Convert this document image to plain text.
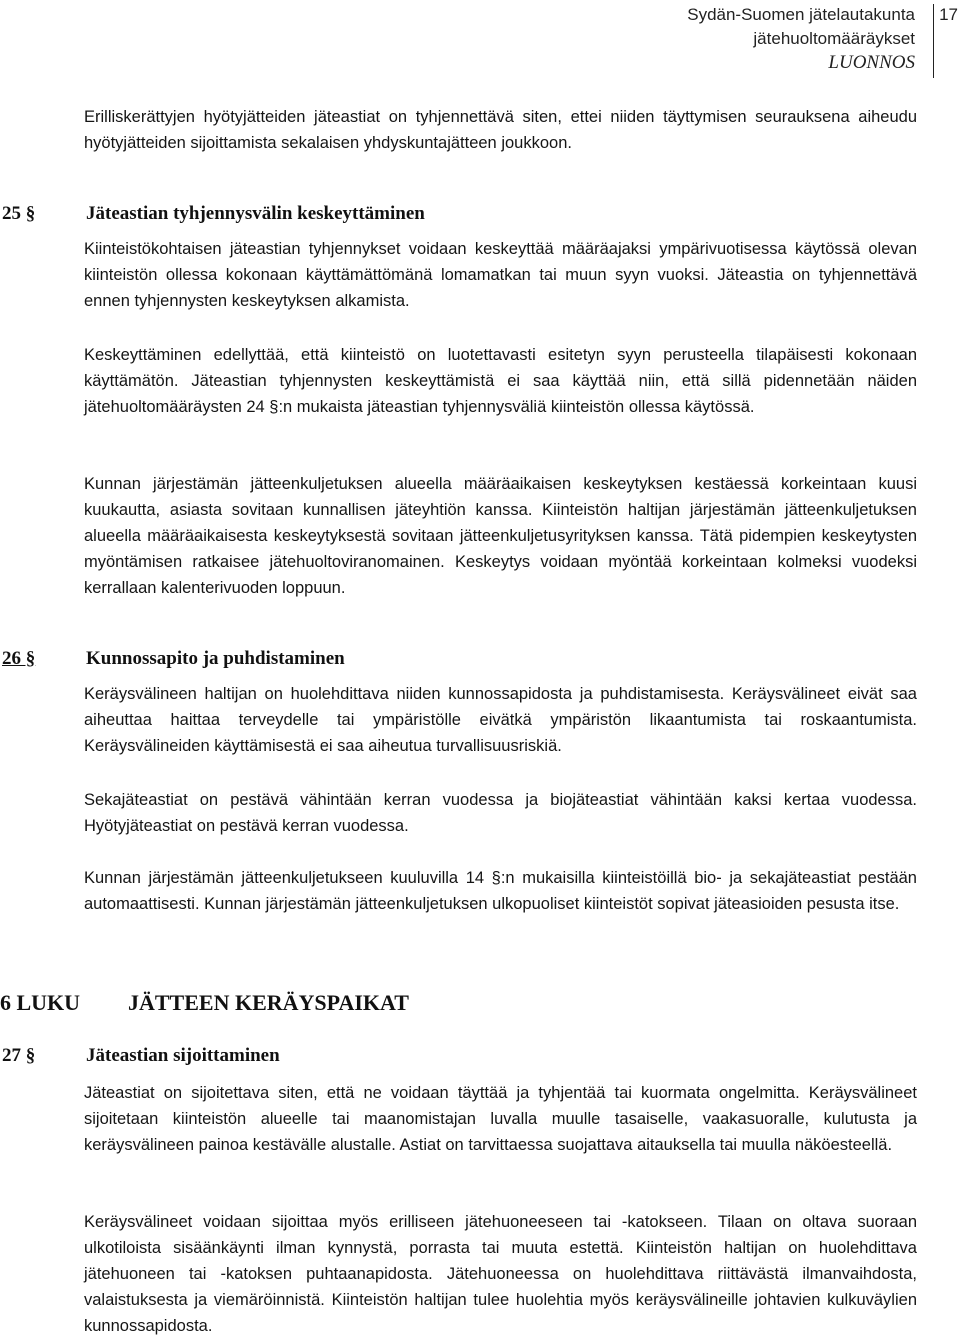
Sydän-Suomen jätelautakunta
jätehuoltomääräykset
LUONNOS
17

Erilliskerättyjen hyötyjätteiden jäteastiat on tyhjennettävä siten, ettei niiden täyttymisen seurauksena aiheudu hyötyjätteiden sijoittamista sekalaisen yhdyskuntajätteen joukkoon.

25 §	Jäteastian tyhjennysvälin keskeyttäminen

Kiinteistökohtaisen jäteastian tyhjennykset voidaan keskeyttää määräajaksi ympärivuotisessa käytössä olevan kiinteistön ollessa kokonaan käyttämättömänä lomamatkan tai muun syyn vuoksi. Jäteastia on tyhjennettävä ennen tyhjennysten keskeytyksen alkamista.

Keskeyttäminen edellyttää, että kiinteistö on luotettavasti esitetyn syyn perusteella tilapäisesti kokonaan käyttämätön. Jäteastian tyhjennysten keskeyttämistä ei saa käyttää niin, että sillä pidennetään näiden jätehuoltomääräysten 24 §:n mukaista jäteastian tyhjennysväliä kiinteistön ollessa käytössä.

Kunnan järjestämän jätteenkuljetuksen alueella määräaikaisen keskeytyksen kestäessä korkeintaan kuusi kuukautta, asiasta sovitaan kunnallisen jäteyhtiön kanssa. Kiinteistön haltijan järjestämän jätteenkuljetuksen alueella määräaikaisesta keskeytyksestä sovitaan jätteenkuljetusyrityksen kanssa. Tätä pidempien keskeytysten myöntämisen ratkaisee jätehuoltoviranomainen. Keskeytys voidaan myöntää korkeintaan kolmeksi vuodeksi kerrallaan kalenterivuoden loppuun.

26 §	Kunnossapito ja puhdistaminen

Keräysvälineen haltijan on huolehdittava niiden kunnossapidosta ja puhdistamisesta. Keräysvälineet eivät saa aiheuttaa haittaa terveydelle tai ympäristölle eivätkä ympäristön likaantumista tai roskaantumista. Keräysvälineiden käyttämisestä ei saa aiheutua turvallisuusriskiä.

Sekajäteastiat on pestävä vähintään kerran vuodessa ja biojäteastiat vähintään kaksi kertaa vuodessa. Hyötyjäteastiat on pestävä kerran vuodessa.

Kunnan järjestämän jätteenkuljetukseen kuuluvilla 14 §:n mukaisilla kiinteistöillä bio- ja sekajäteastiat pestään automaattisesti. Kunnan järjestämän jätteenkuljetuksen ulkopuoliset kiinteistöt sopivat jäteasioiden pesusta itse.

6 LUKU JÄTTEEN KERÄYSPAIKAT
27 §	Jäteastian sijoittaminen

Jäteastiat on sijoitettava siten, että ne voidaan täyttää ja tyhjentää tai kuormata ongelmitta. Keräysvälineet sijoitetaan kiinteistön alueelle tai maanomistajan luvalla muulle tasaiselle, vaakasuoralle, kulutusta ja keräysvälineen painoa kestävälle alustalle. Astiat on tarvittaessa suojattava aitauksella tai muulla näköesteellä.

Keräysvälineet voidaan sijoittaa myös erilliseen jätehuoneeseen tai -katokseen. Tilaan on oltava suoraan ulkotiloista sisäänkäynti ilman kynnystä, porrasta tai muuta estettä. Kiinteistön haltijan on huolehdittava jätehuoneen tai -katoksen puhtaanapidosta. Jätehuoneessa on huolehdittava riittävästä ilmanvaihdosta, valaistuksesta ja viemäröinnistä. Kiinteistön haltijan tulee huolehtia myös keräysvälineille johtavien kulkuväylien kunnossapidosta.
